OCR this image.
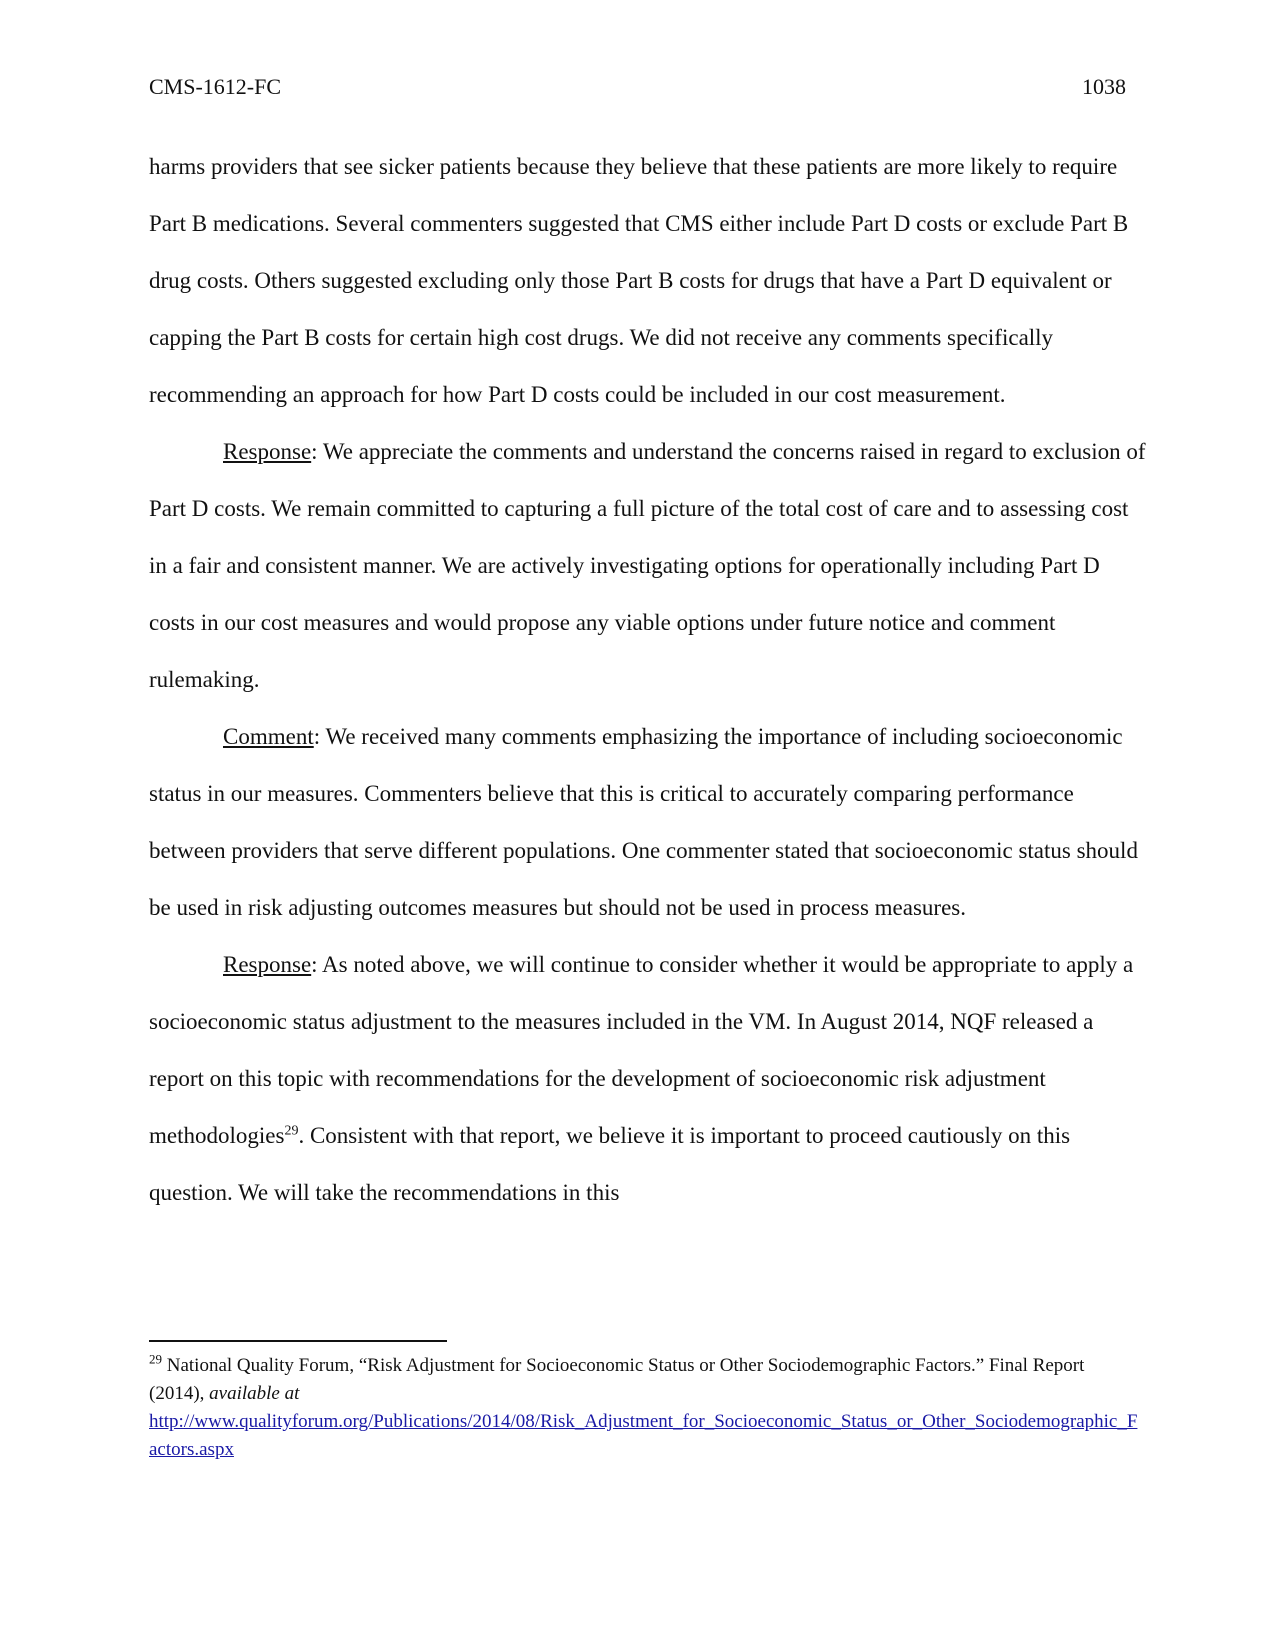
CMS-1612-FC	1038

harms providers that see sicker patients because they believe that these patients are more likely to require Part B medications. Several commenters suggested that CMS either include Part D costs or exclude Part B drug costs. Others suggested excluding only those Part B costs for drugs that have a Part D equivalent or capping the Part B costs for certain high cost drugs. We did not receive any comments specifically recommending an approach for how Part D costs could be included in our cost measurement.

Response: We appreciate the comments and understand the concerns raised in regard to exclusion of Part D costs. We remain committed to capturing a full picture of the total cost of care and to assessing cost in a fair and consistent manner. We are actively investigating options for operationally including Part D costs in our cost measures and would propose any viable options under future notice and comment rulemaking.

Comment: We received many comments emphasizing the importance of including socioeconomic status in our measures. Commenters believe that this is critical to accurately comparing performance between providers that serve different populations. One commenter stated that socioeconomic status should be used in risk adjusting outcomes measures but should not be used in process measures.

Response: As noted above, we will continue to consider whether it would be appropriate to apply a socioeconomic status adjustment to the measures included in the VM. In August 2014, NQF released a report on this topic with recommendations for the development of socioeconomic risk adjustment methodologies$^{29}$. Consistent with that report, we believe it is important to proceed cautiously on this question. We will take the recommendations in this

$^{29}$ National Quality Forum, “Risk Adjustment for Socioeconomic Status or Other Sociodemographic Factors.” Final Report (2014), available at
http://www.qualityforum.org/Publications/2014/08/Risk_Adjustment_for_Socioeconomic_Status_or_Other_Sociodemographic_Factors.aspx
